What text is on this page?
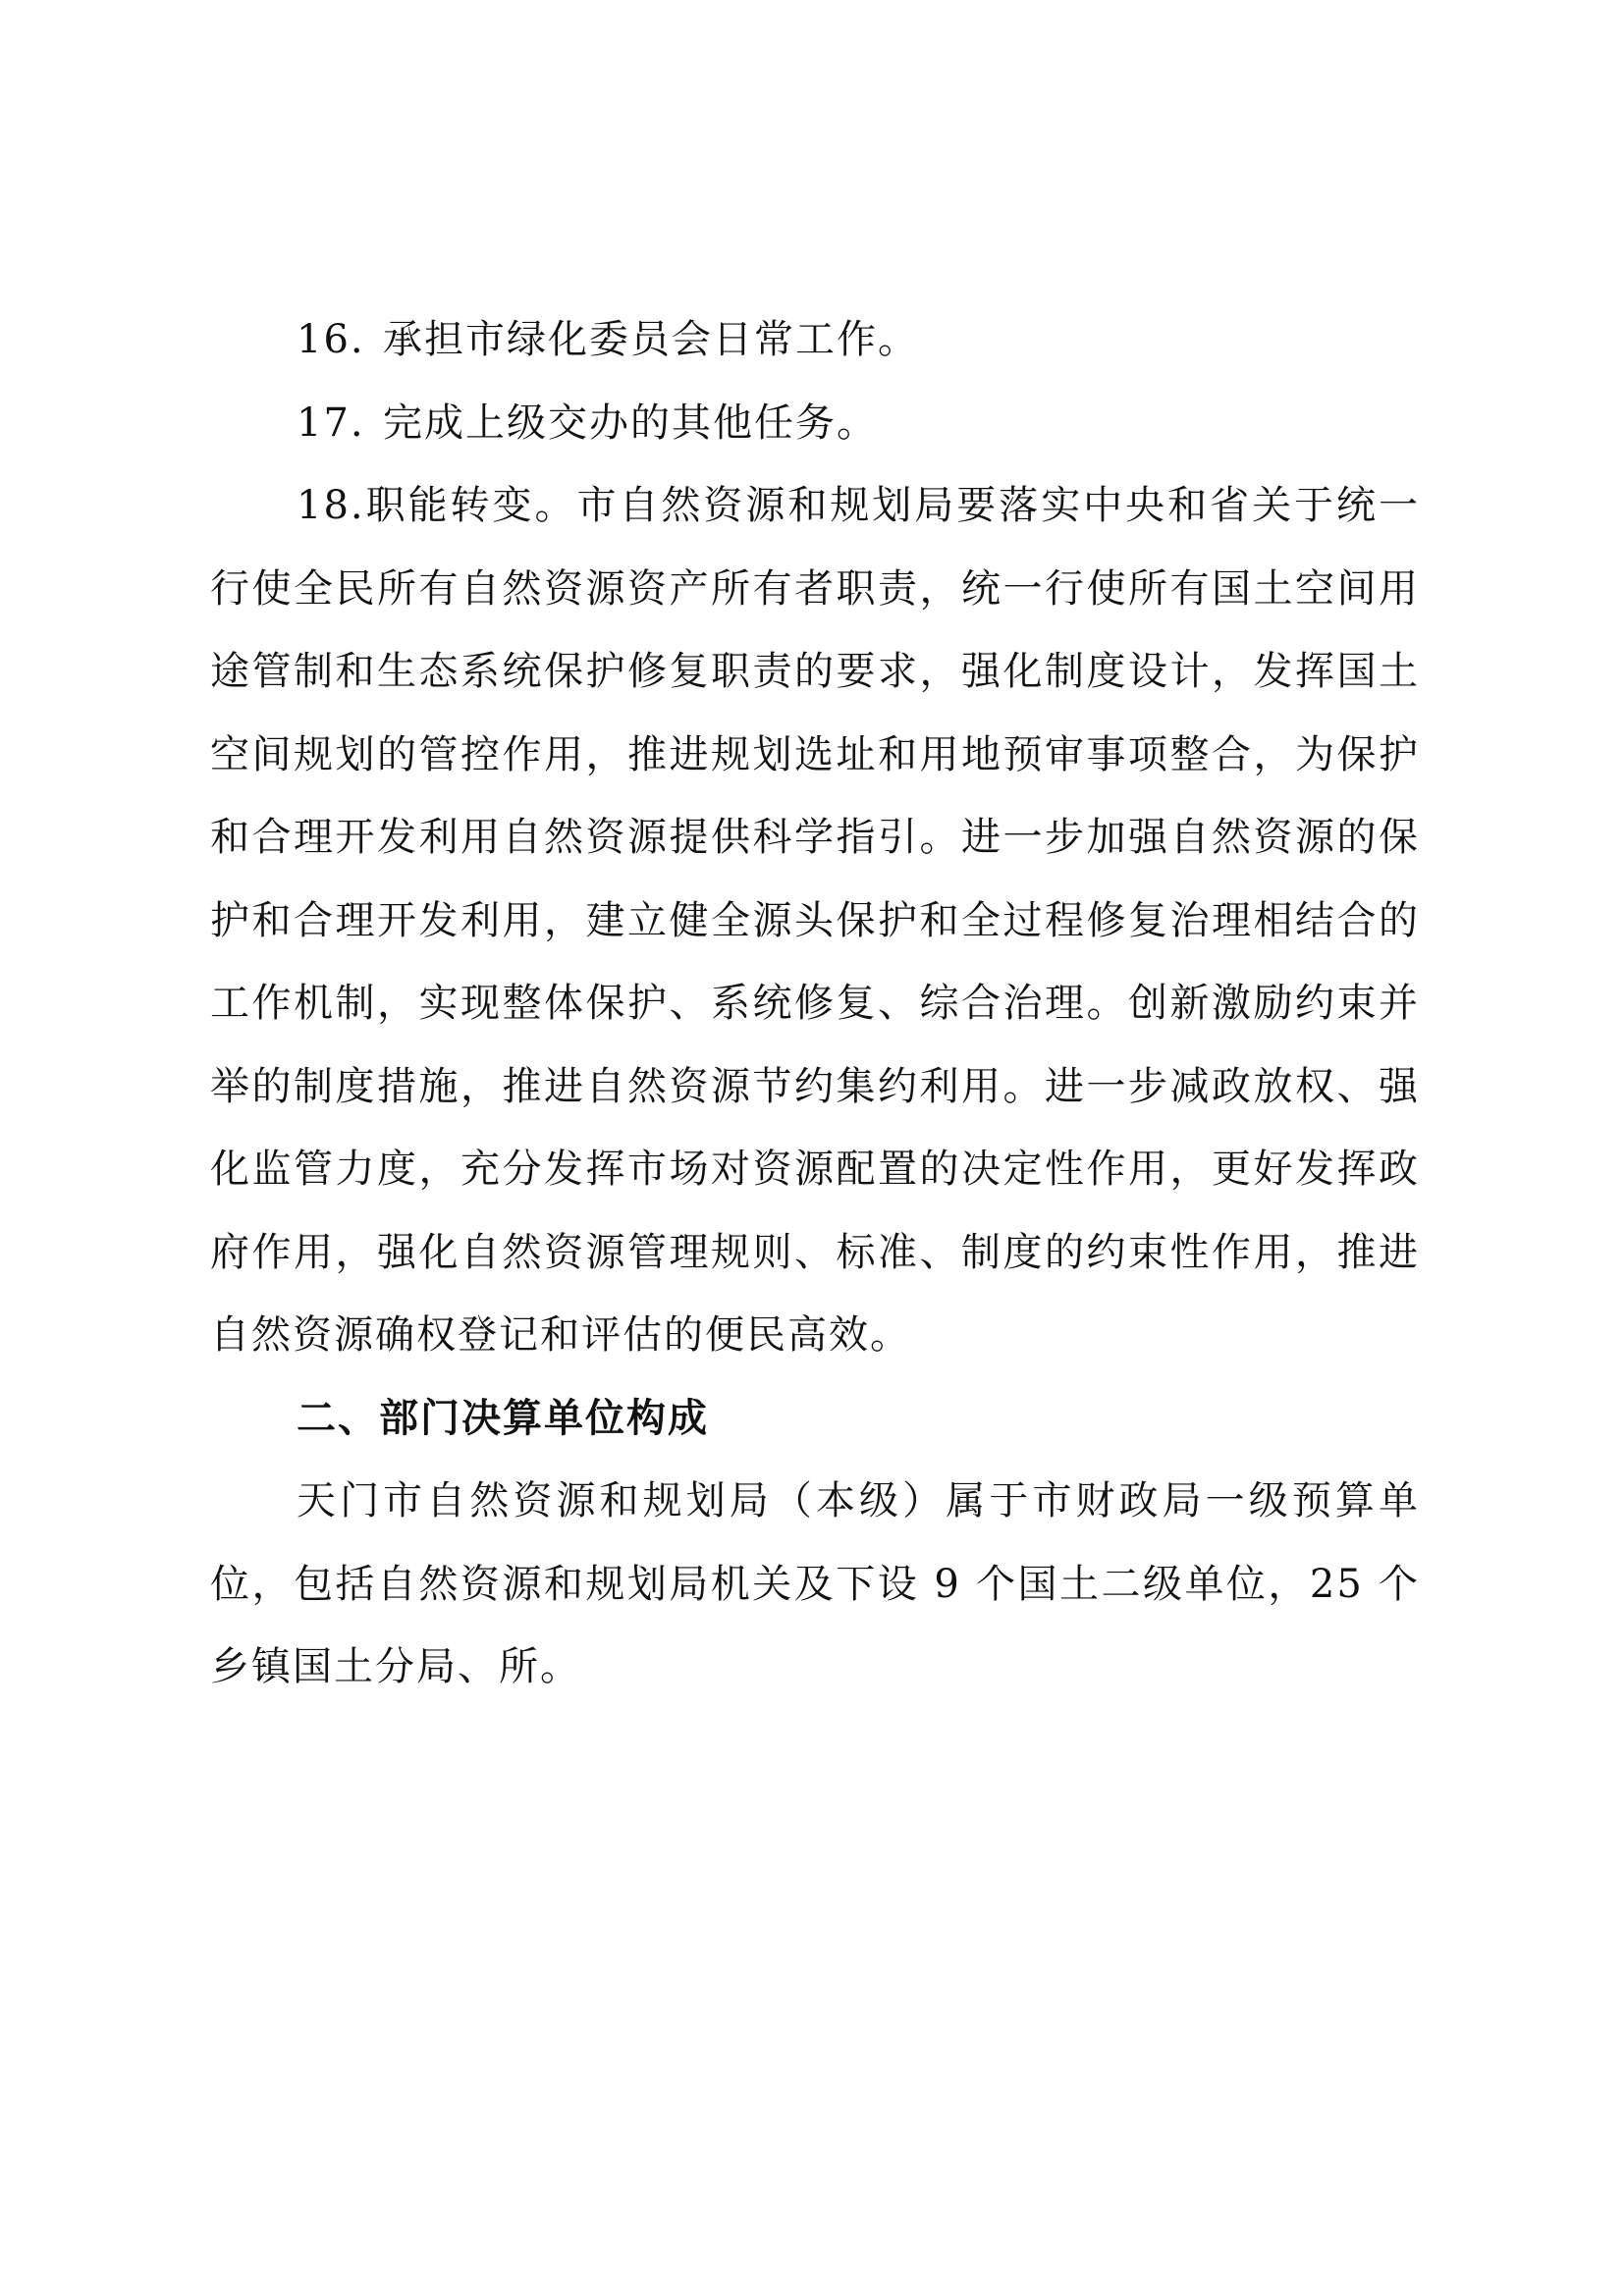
16. 承担市绿化委员会日常工作。

17. 完成上级交办的其他任务。

18.职能转变。市自然资源和规划局要落实中央和省关于统一行使全民所有自然资源资产所有者职责，统一行使所有国土空间用途管制和生态系统保护修复职责的要求，强化制度设计，发挥国土空间规划的管控作用，推进规划选址和用地预审事项整合，为保护和合理开发利用自然资源提供科学指引。进一步加强自然资源的保护和合理开发利用，建立健全源头保护和全过程修复治理相结合的工作机制，实现整体保护、系统修复、综合治理。创新激励约束并举的制度措施，推进自然资源节约集约利用。进一步减政放权、强化监管力度，充分发挥市场对资源配置的决定性作用，更好发挥政府作用，强化自然资源管理规则、标准、制度的约束性作用，推进自然资源确权登记和评估的便民高效。

二、部门决算单位构成

天门市自然资源和规划局（本级）属于市财政局一级预算单位，包括自然资源和规划局机关及下设 9 个国土二级单位，25 个乡镇国土分局、所。
